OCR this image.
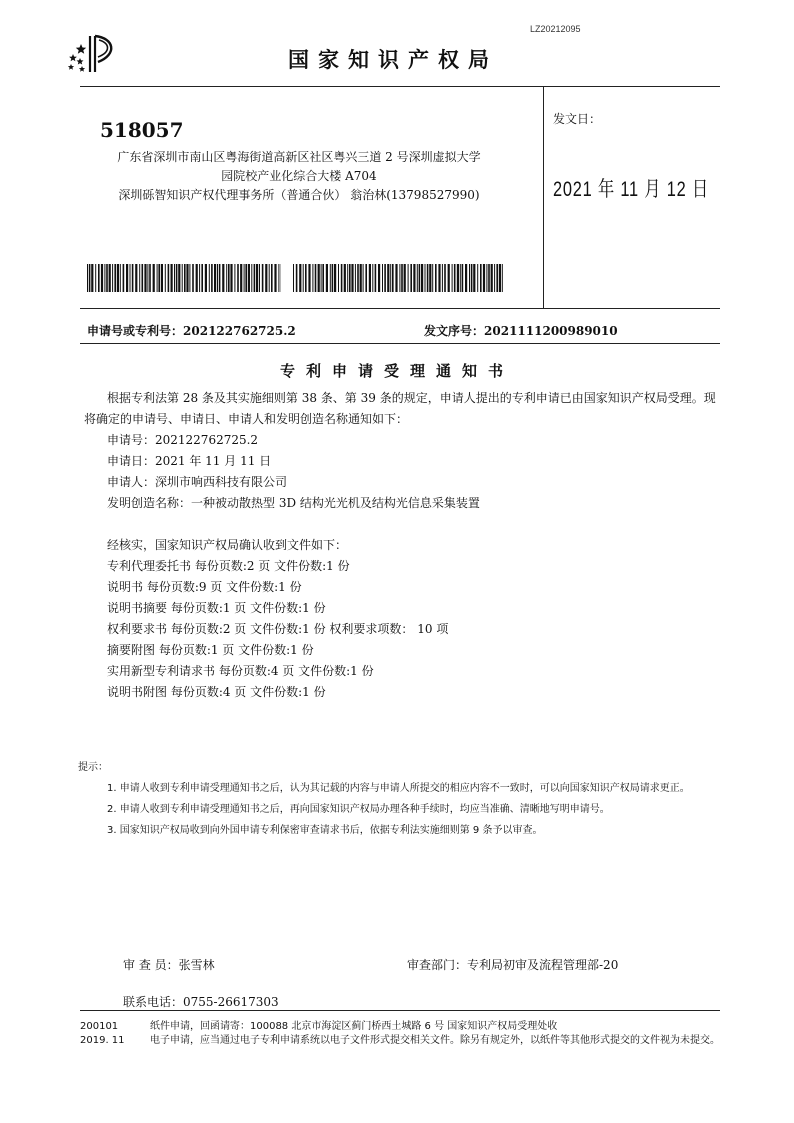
LZ20212095
国家知识产权局
518057
广东省深圳市南山区粤海街道高新区社区粤兴三道 2 号深圳虚拟大学
园院校产业化综合大楼 A704
深圳砾智知识产权代理事务所（普通合伙） 翁治林(13798527990)
发文日：
2021 年 11 月 12 日
申请号或专利号：202122762725.2	发文序号：2021111200989010
专利申请受理通知书

根据专利法第 28 条及其实施细则第 38 条、第 39 条的规定，申请人提出的专利申请已由国家知识产权局受理。现将确定的申请号、申请日、申请人和发明创造名称通知如下：

申请号：202122762725.2

申请日：2021 年 11 月 11 日

申请人：深圳市响西科技有限公司

发明创造名称：一种被动散热型 3D 结构光光机及结构光信息采集装置

经核实，国家知识产权局确认收到文件如下：

专利代理委托书 每份页数:2 页 文件份数:1 份

说明书 每份页数:9 页 文件份数:1 份

说明书摘要 每份页数:1 页 文件份数:1 份

权利要求书 每份页数:2 页 文件份数:1 份 权利要求项数： 10 项

摘要附图 每份页数:1 页 文件份数:1 份

实用新型专利请求书 每份页数:4 页 文件份数:1 份

说明书附图 每份页数:4 页 文件份数:1 份

提示：

1. 申请人收到专利申请受理通知书之后，认为其记载的内容与申请人所提交的相应内容不一致时，可以向国家知识产权局请求更正。

2. 申请人收到专利申请受理通知书之后，再向国家知识产权局办理各种手续时，均应当准确、清晰地写明申请号。

3. 国家知识产权局收到向外国申请专利保密审查请求书后，依据专利法实施细则第 9 条予以审查。

审 查 员：张雪林	审查部门：专利局初审及流程管理部-20
联系电话：0755-26617303
200101
2019. 11
纸件申请，回函请寄：100088 北京市海淀区蓟门桥西土城路 6 号 国家知识产权局受理处收
电子申请，应当通过电子专利申请系统以电子文件形式提交相关文件。除另有规定外，以纸件等其他形式提交的文件视为未提交。
